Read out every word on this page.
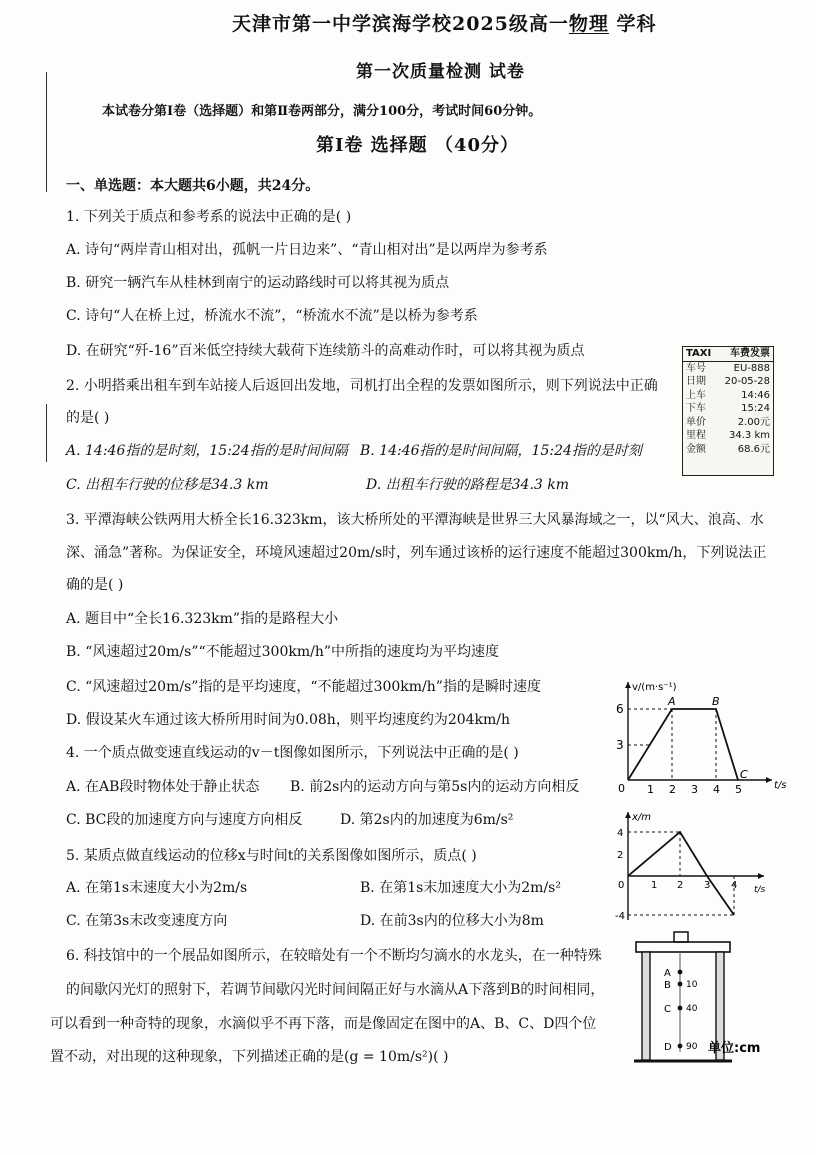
天津市第一中学滨海学校2025级高一物理 学科
第一次质量检测 试卷
本试卷分第Ⅰ卷（选择题）和第Ⅱ卷两部分，满分100分，考试时间60分钟。
第Ⅰ卷 选择题 （40分）
一、单选题：本大题共6小题，共24分。
1. 下列关于质点和参考系的说法中正确的是( )
A. 诗句“两岸青山相对出，孤帆一片日边来”、“青山相对出”是以两岸为参考系
B. 研究一辆汽车从桂林到南宁的运动路线时可以将其视为质点
C. 诗句“人在桥上过，桥流水不流”，“桥流水不流”是以桥为参考系
D. 在研究“歼-16”百米低空持续大载荷下连续筋斗的高难动作时，可以将其视为质点
2. 小明搭乘出租车到车站接人后返回出发地，司机打出全程的发票如图所示，则下列说法中正确
的是( )
A. 14:46指的是时刻，15:24指的是时间间隔 B. 14:46指的是时间间隔，15:24指的是时刻
C. 出租车行驶的位移是34.3 km	D. 出租车行驶的路程是34.3 km
TAXI 车费发票
车号	EU-888
日期 20-05-28
上车	14:46
下车	15:24
单价	2.00元
里程 34.3 km
金额	68.6元
3. 平潭海峡公铁两用大桥全长16.323km，该大桥所处的平潭海峡是世界三大风暴海域之一，以“风大、浪高、水
深、涌急”著称。为保证安全，环境风速超过20m/s时，列车通过该桥的运行速度不能超过300km/h，下列说法正
确的是( )
A. 题目中“全长16.323km”指的是路程大小
B. “风速超过20m/s”“不能超过300km/h”中所指的速度均为平均速度
C. “风速超过20m/s”指的是平均速度，“不能超过300km/h”指的是瞬时速度
D. 假设某火车通过该大桥所用时间为0.08h，则平均速度约为204km/h
4. 一个质点做变速直线运动的v－t图像如图所示，下列说法中正确的是( )
A. 在AB段时物体处于静止状态 B. 前2s内的运动方向与第5s内的运动方向相反
C. BC段的加速度方向与速度方向相反	D. 第2s内的加速度为6m/s²
v/(m·s⁻¹)
6
3
0 1 2 3 4 5	t/s
A	B
C
5. 某质点做直线运动的位移x与时间t的关系图像如图所示，质点( )
A. 在第1s末速度大小为2m/s	B. 在第1s末加速度大小为2m/s²
C. 在第3s末改变速度方向	D. 在前3s内的位移大小为8m
x/m
4
2
-4
0	1 2 3 4 t/s
6. 科技馆中的一个展品如图所示，在较暗处有一个不断均匀滴水的水龙头，在一种特殊
的间歇闪光灯的照射下，若调节间歇闪光时间间隔正好与水滴从A下落到B的时间相同，
可以看到一种奇特的现象，水滴似乎不再下落，而是像固定在图中的A、B、C、D四个位
置不动，对出现的这种现象，下列描述正确的是(g = 10m/s²)( )
A
B
C
D
10
40
90 单位:cm
